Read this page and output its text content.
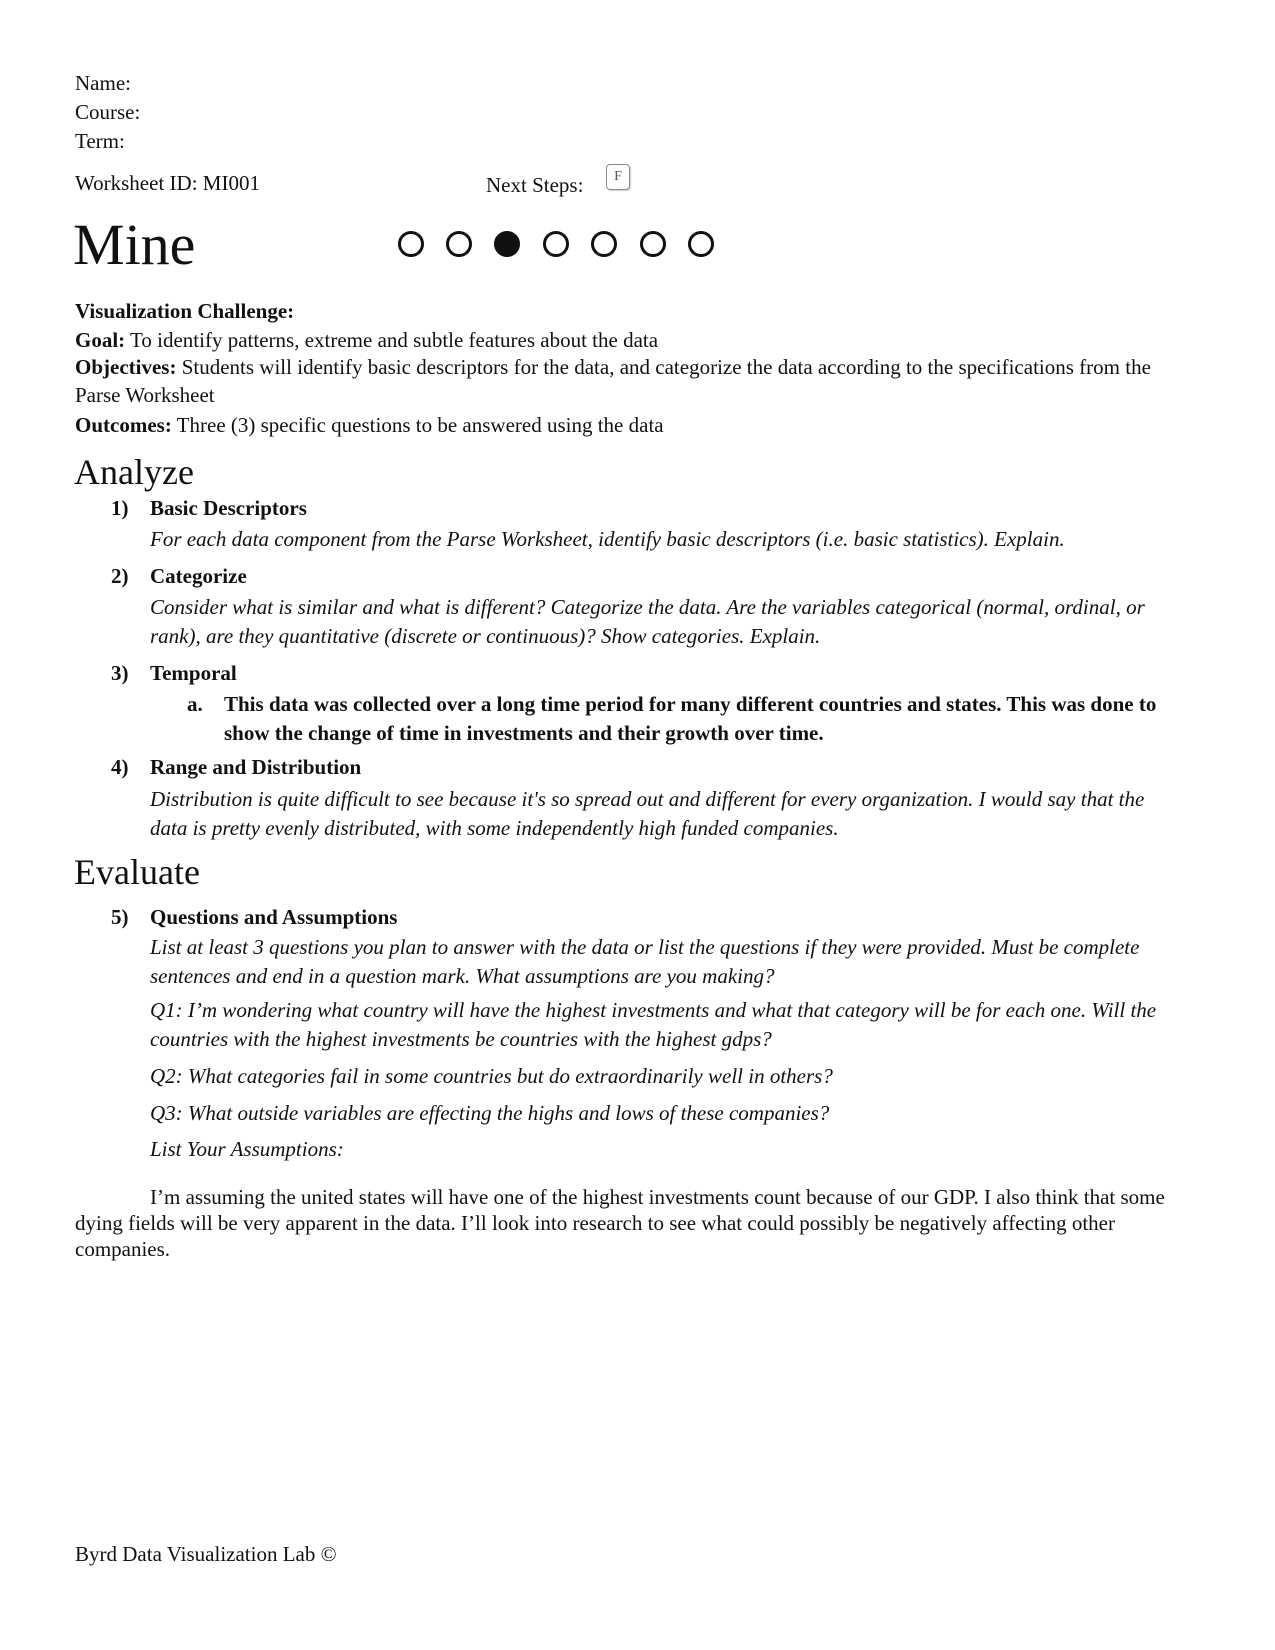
Name:
Course:
Term:
Worksheet ID: MI001	Next Steps:	F
Mine
Visualization Challenge:
Goal: To identify patterns, extreme and subtle features about the data
Objectives: Students will identify basic descriptors for the data, and categorize the data according to the specifications from the Parse Worksheet
Outcomes: Three (3) specific questions to be answered using the data
Analyze
1) Basic Descriptors
For each data component from the Parse Worksheet, identify basic descriptors (i.e. basic statistics). Explain.
2) Categorize
Consider what is similar and what is different? Categorize the data. Are the variables categorical (normal, ordinal, or rank), are they quantitative (discrete or continuous)? Show categories. Explain.
3) Temporal
a. This data was collected over a long time period for many different countries and states. This was done to show the change of time in investments and their growth over time.
4) Range and Distribution
Distribution is quite difficult to see because it's so spread out and different for every organization. I would say that the data is pretty evenly distributed, with some independently high funded companies.
Evaluate
5) Questions and Assumptions
List at least 3 questions you plan to answer with the data or list the questions if they were provided. Must be complete sentences and end in a question mark. What assumptions are you making?
Q1: I’m wondering what country will have the highest investments and what that category will be for each one. Will the countries with the highest investments be countries with the highest gdps?
Q2: What categories fail in some countries but do extraordinarily well in others?
Q3: What outside variables are effecting the highs and lows of these companies?
List Your Assumptions:
I’m assuming the united states will have one of the highest investments count because of our GDP. I also think that some dying fields will be very apparent in the data. I’ll look into research to see what could possibly be negatively affecting other companies.
Byrd Data Visualization Lab ©
